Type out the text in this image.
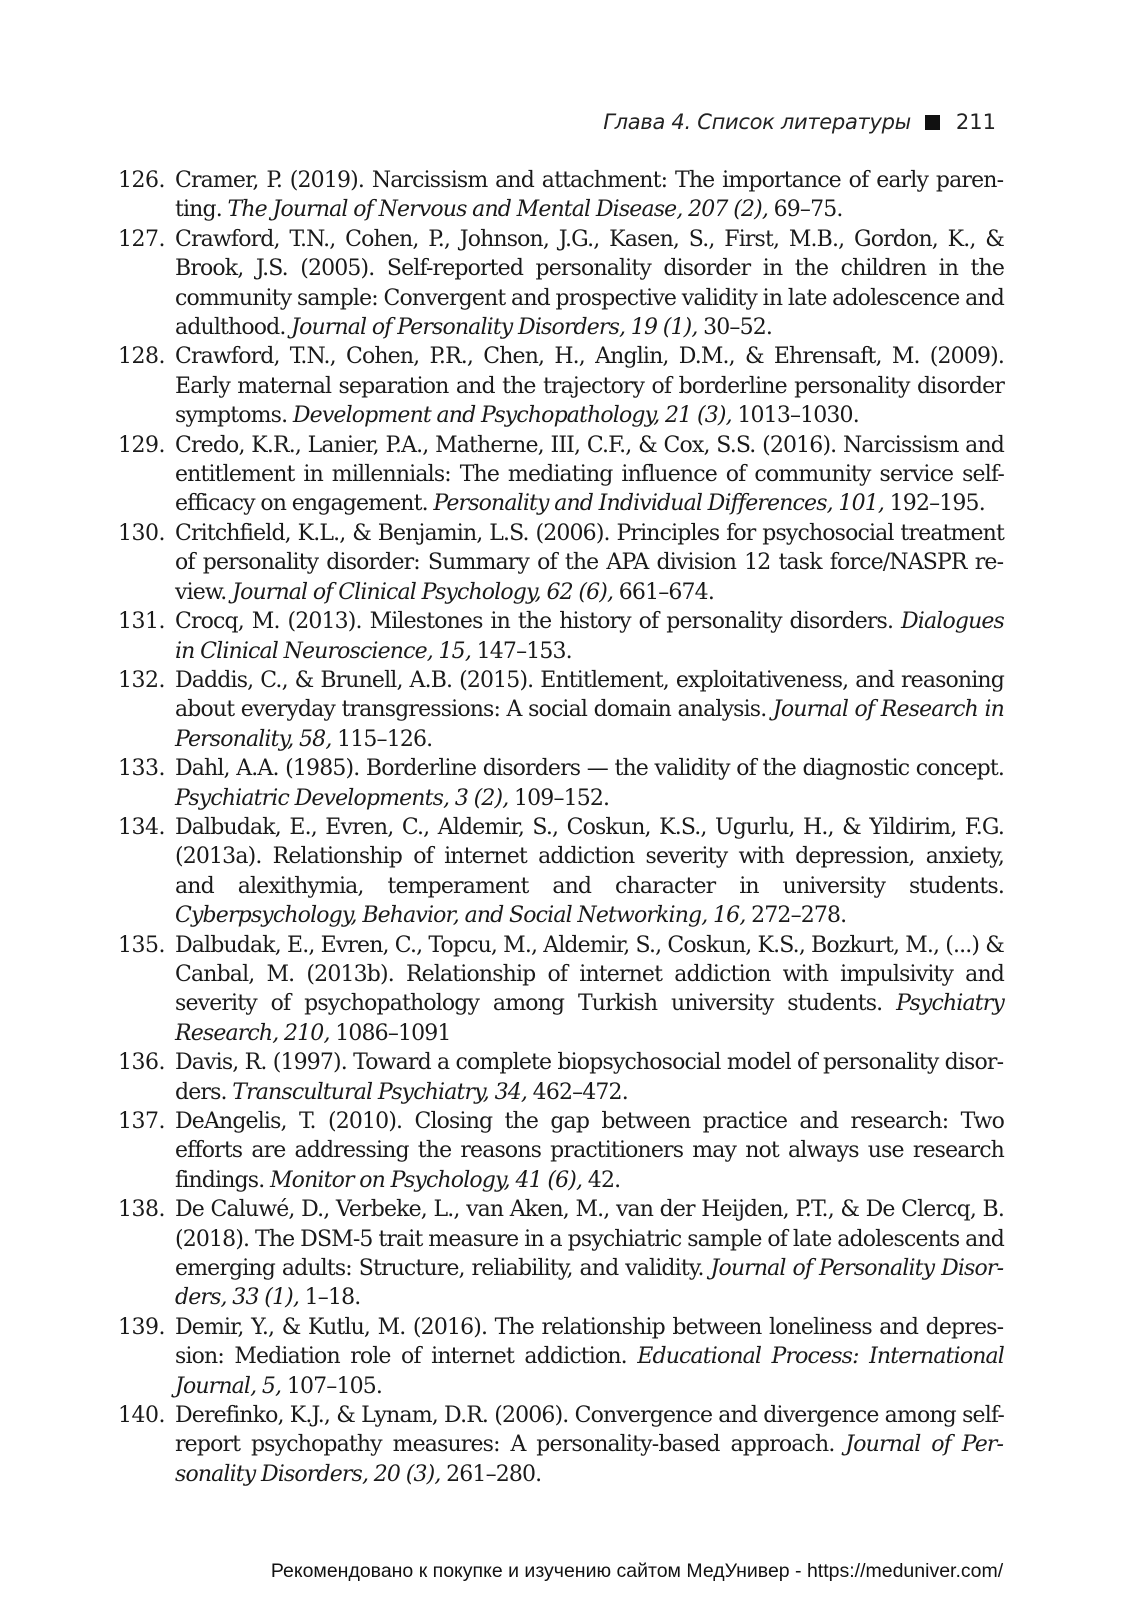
Глава 4. Список литературы 211
126. Cramer, P. (2019). Narcissism and attachment: The importance of early parenting. The Journal of Nervous and Mental Disease, 207 (2), 69–75.
127. Crawford, T.N., Cohen, P., Johnson, J.G., Kasen, S., First, M.B., Gordon, K., & Brook, J.S. (2005). Self-reported personality disorder in the children in the community sample: Convergent and prospective validity in late adolescence and adulthood. Journal of Personality Disorders, 19 (1), 30–52.
128. Crawford, T.N., Cohen, P.R., Chen, H., Anglin, D.M., & Ehrensaft, M. (2009). Early maternal separation and the trajectory of borderline personality disorder symptoms. Development and Psychopathology, 21 (3), 1013–1030.
129. Credo, K.R., Lanier, P.A., Matherne, III, C.F., & Cox, S.S. (2016). Narcissism and entitlement in millennials: The mediating influence of community service self-efficacy on engagement. Personality and Individual Differences, 101, 192–195.
130. Critchfield, K.L., & Benjamin, L.S. (2006). Principles for psychosocial treatment of personality disorder: Summary of the APA division 12 task force/NASPR review. Journal of Clinical Psychology, 62 (6), 661–674.
131. Crocq, M. (2013). Milestones in the history of personality disorders. Dialogues in Clinical Neuroscience, 15, 147–153.
132. Daddis, C., & Brunell, A.B. (2015). Entitlement, exploitativeness, and reasoning about everyday transgressions: A social domain analysis. Journal of Research in Personality, 58, 115–126.
133. Dahl, A.A. (1985). Borderline disorders — the validity of the diagnostic concept. Psychiatric Developments, 3 (2), 109–152.
134. Dalbudak, E., Evren, C., Aldemir, S., Coskun, K.S., Ugurlu, H., & Yildirim, F.G. (2013a). Relationship of internet addiction severity with depression, anxiety, and alexithymia, temperament and character in university students. Cyberpsychology, Behavior, and Social Networking, 16, 272–278.
135. Dalbudak, E., Evren, C., Topcu, M., Aldemir, S., Coskun, K.S., Bozkurt, M., (...) & Canbal, M. (2013b). Relationship of internet addiction with impulsivity and severity of psychopathology among Turkish university students. Psychiatry Research, 210, 1086–1091
136. Davis, R. (1997). Toward a complete biopsychosocial model of personality disorders. Transcultural Psychiatry, 34, 462–472.
137. DeAngelis, T. (2010). Closing the gap between practice and research: Two efforts are addressing the reasons practitioners may not always use research findings. Monitor on Psychology, 41 (6), 42.
138. De Caluwé, D., Verbeke, L., van Aken, M., van der Heijden, P.T., & De Clercq, B. (2018). The DSM-5 trait measure in a psychiatric sample of late adolescents and emerging adults: Structure, reliability, and validity. Journal of Personality Disorders, 33 (1), 1–18.
139. Demir, Y., & Kutlu, M. (2016). The relationship between loneliness and depression: Mediation role of internet addiction. Educational Process: International Journal, 5, 107–105.
140. Derefinko, K.J., & Lynam, D.R. (2006). Convergence and divergence among self-report psychopathy measures: A personality-based approach. Journal of Personality Disorders, 20 (3), 261–280.
Рекомендовано к покупке и изучению сайтом МедУнивер - https://meduniver.com/
